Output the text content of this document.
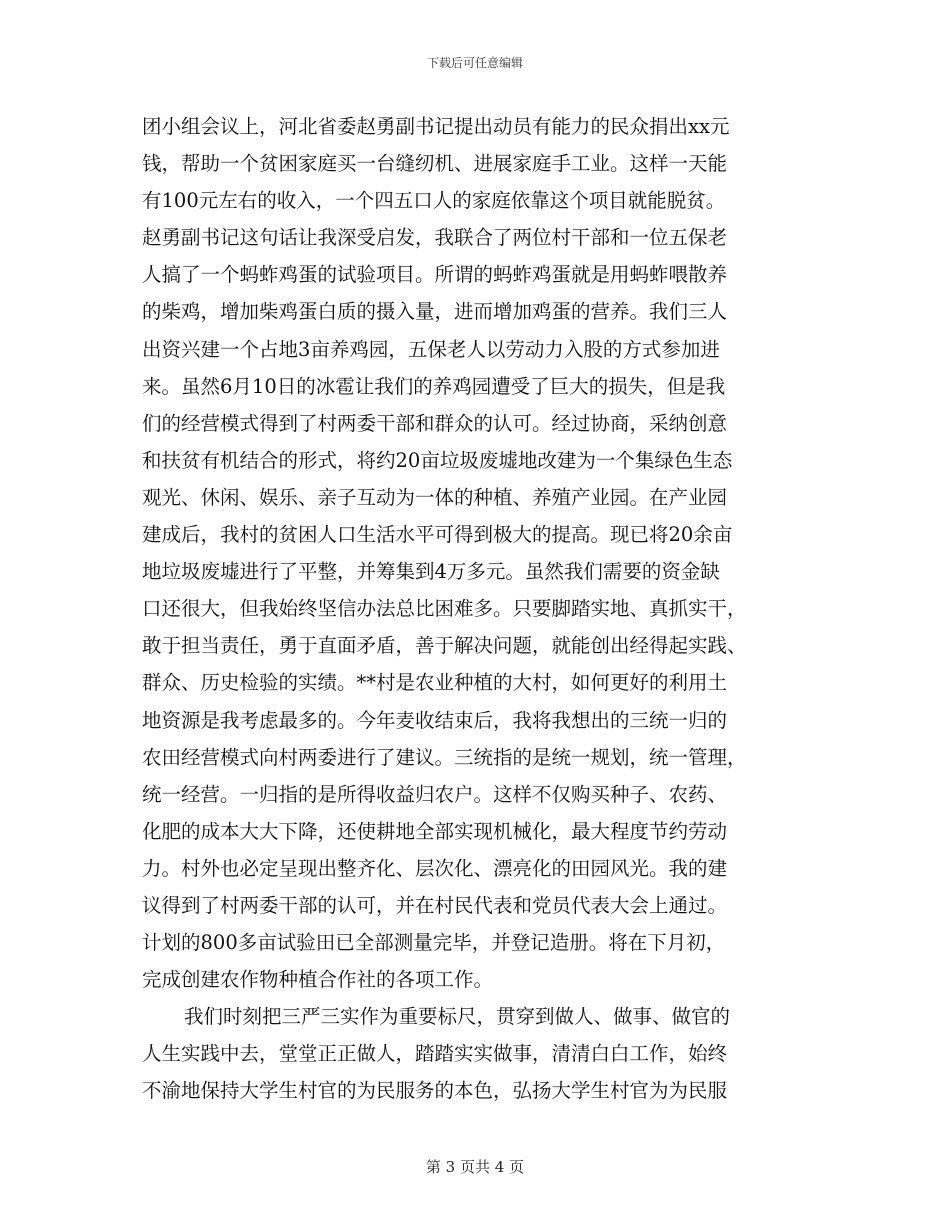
下载后可任意编辑
团小组会议上，河北省委赵勇副书记提出动员有能力的民众捐出xx元
钱，帮助一个贫困家庭买一台缝纫机、进展家庭手工业。这样一天能
有100元左右的收入，一个四五口人的家庭依靠这个项目就能脱贫。
赵勇副书记这句话让我深受启发，我联合了两位村干部和一位五保老
人搞了一个蚂蚱鸡蛋的试验项目。所谓的蚂蚱鸡蛋就是用蚂蚱喂散养
的柴鸡，增加柴鸡蛋白质的摄入量，进而增加鸡蛋的营养。我们三人
出资兴建一个占地3亩养鸡园，五保老人以劳动力入股的方式参加进
来。虽然6月10日的冰雹让我们的养鸡园遭受了巨大的损失，但是我
们的经营模式得到了村两委干部和群众的认可。经过协商，采纳创意
和扶贫有机结合的形式，将约20亩垃圾废墟地改建为一个集绿色生态
观光、休闲、娱乐、亲子互动为一体的种植、养殖产业园。在产业园
建成后，我村的贫困人口生活水平可得到极大的提高。现已将20余亩
地垃圾废墟进行了平整，并筹集到4万多元。虽然我们需要的资金缺
口还很大，但我始终坚信办法总比困难多。只要脚踏实地、真抓实干，
敢于担当责任，勇于直面矛盾，善于解决问题，就能创出经得起实践、
群众、历史检验的实绩。**村是农业种植的大村，如何更好的利用土
地资源是我考虑最多的。今年麦收结束后，我将我想出的三统一归的
农田经营模式向村两委进行了建议。三统指的是统一规划，统一管理，
统一经营。一归指的是所得收益归农户。这样不仅购买种子、农药、
化肥的成本大大下降，还使耕地全部实现机械化，最大程度节约劳动
力。村外也必定呈现出整齐化、层次化、漂亮化的田园风光。我的建
议得到了村两委干部的认可，并在村民代表和党员代表大会上通过。
计划的800多亩试验田已全部测量完毕，并登记造册。将在下月初，
完成创建农作物种植合作社的各项工作。
我们时刻把三严三实作为重要标尺，贯穿到做人、做事、做官的
人生实践中去，堂堂正正做人，踏踏实实做事，清清白白工作，始终
不渝地保持大学生村官的为民服务的本色，弘扬大学生村官为为民服
第 3 页共 4 页
